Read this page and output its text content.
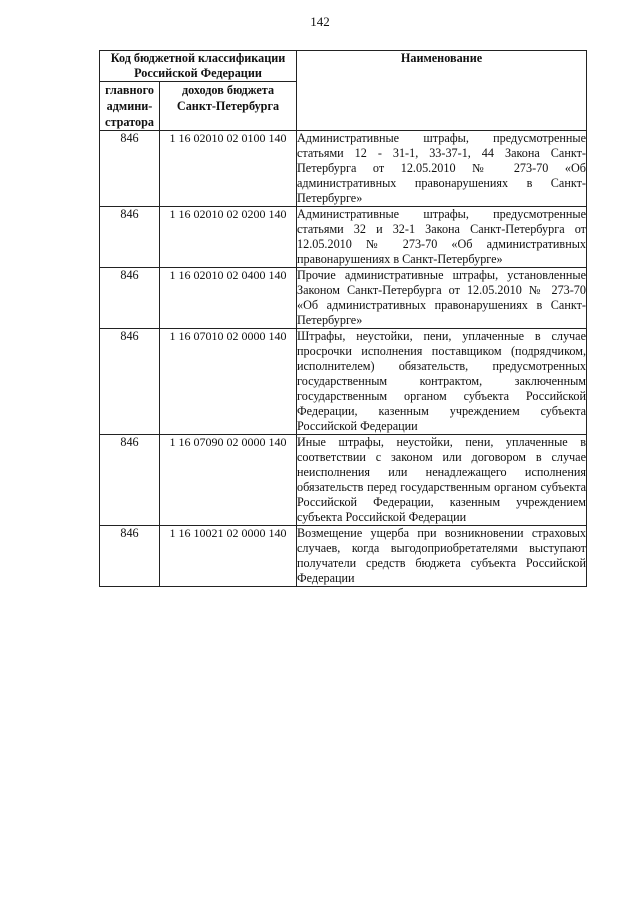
142
Код бюджетной классификации Российской Федерации		Наименование
главного админи-стратора	доходов бюджета Санкт-Петербурга	
846	1 16 02010 02 0100 140	Административные штрафы, предусмотренные статьями 12 - 31-1, 33-37-1, 44 Закона Санкт-Петербурга от 12.05.2010 № 273-70 «Об административных правонарушениях в Санкт-Петербурге»
846	1 16 02010 02 0200 140	Административные штрафы, предусмотренные статьями 32 и 32-1 Закона Санкт-Петербурга от 12.05.2010 № 273-70 «Об административных правонарушениях в Санкт-Петербурге»
846	1 16 02010 02 0400 140	Прочие административные штрафы, установленные Законом Санкт-Петербурга от 12.05.2010 № 273-70 «Об административных правонарушениях в Санкт-Петербурге»
846	1 16 07010 02 0000 140	Штрафы, неустойки, пени, уплаченные в случае просрочки исполнения поставщиком (подрядчиком, исполнителем) обязательств, предусмотренных государственным контрактом, заключенным государственным органом субъекта Российской Федерации, казенным учреждением субъекта Российской Федерации
846	1 16 07090 02 0000 140	Иные штрафы, неустойки, пени, уплаченные в соответствии с законом или договором в случае неисполнения или ненадлежащего исполнения обязательств перед государственным органом субъекта Российской Федерации, казенным учреждением субъекта Российской Федерации
846	1 16 10021 02 0000 140	Возмещение ущерба при возникновении страховых случаев, когда выгодоприобретателями выступают получатели средств бюджета субъекта Российской Федерации
